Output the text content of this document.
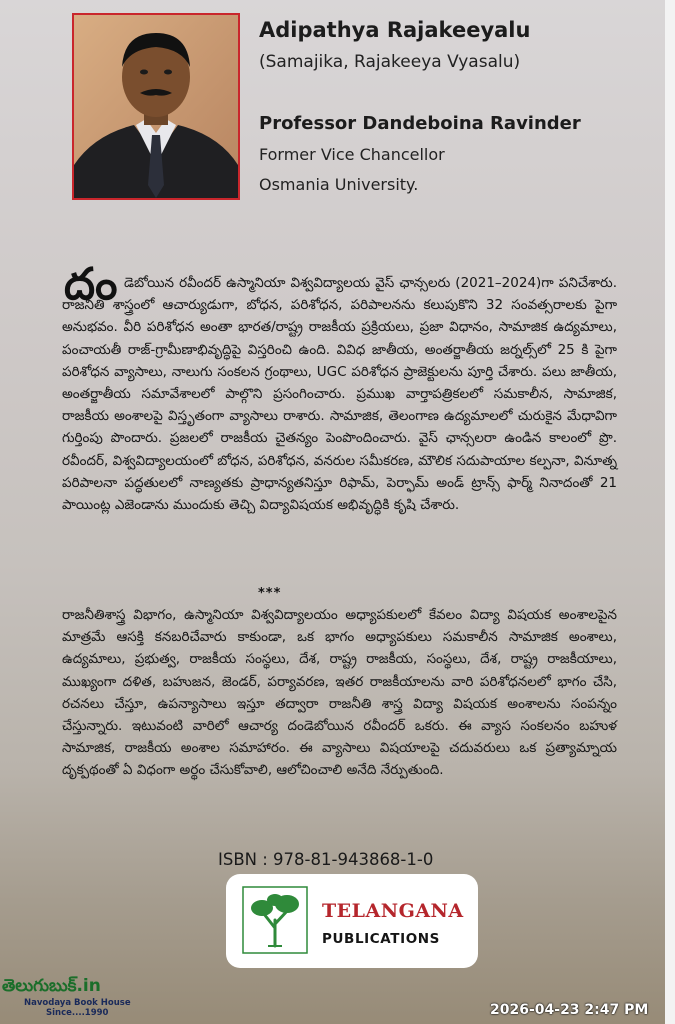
Adipathya Rajakeeyalu
(Samajika, Rajakeeya Vyasalu)
Professor Dandeboina Ravinder
Former Vice Chancellor
Osmania University.
దం డెబోయిన రవీందర్ ఉస్మానియా విశ్వవిద్యాలయ వైస్ ఛాన్సలరు (2021–2024)గా పనిచేశారు. రాజనీతి శాస్త్రంలో ఆచార్యుడుగా, బోధన, పరిశోధన, పరిపాలనను కలుపుకొని 32 సంవత్సరాలకు పైగా అనుభవం. వీరి పరిశోధన అంతా భారత/రాష్ట్ర రాజకీయ ప్రక్రియలు, ప్రజా విధానం, సామాజిక ఉద్యమాలు, పంచాయతీ రాజ్-గ్రామీణాభివృద్ధిపై విస్తరించి ఉంది. వివిధ జాతీయ, అంతర్జాతీయ జర్నల్స్‌లో 25 కి పైగా పరిశోధన వ్యాసాలు, నాలుగు సంకలన గ్రంథాలు, UGC పరిశోధన ప్రాజెక్టులను పూర్తి చేశారు. పలు జాతీయ, అంతర్జాతీయ సమావేశాలలో పాల్గొని ప్రసంగించారు. ప్రముఖ వార్తాపత్రికలలో సమకాలీన, సామాజిక, రాజకీయ అంశాలపై విస్తృతంగా వ్యాసాలు రాశారు. సామాజిక, తెలంగాణ ఉద్యమాలలో చురుకైన మేధావిగా గుర్తింపు పొందారు. ప్రజలలో రాజకీయ చైతన్యం పెంపొందించారు. వైస్ ఛాన్సలరా ఉండిన కాలంలో ప్రొ. రవీందర్, విశ్వవిద్యాలయంలో బోధన, పరిశోధన, వనరుల సమీకరణ, మౌలిక సదుపాయాల కల్పనా, వినూత్న పరిపాలనా పద్ధతులలో నాణ్యతకు ప్రాధాన్యతనిస్తూ రిఫామ్, పెర్ఫామ్ అండ్ ట్రాన్స్ ఫార్మ్ నినాదంతో 21 పాయింట్ల ఎజెండాను ముందుకు తెచ్చి విద్యావిషయక అభివృద్ధికి కృషి చేశారు.
***
రాజనీతిశాస్త్ర విభాగం, ఉస్మానియా విశ్వవిద్యాలయం అధ్యాపకులలో కేవలం విద్యా విషయక అంశాలపైన మాత్రమే ఆసక్తి కనబరిచేవారు కాకుండా, ఒక భాగం అధ్యాపకులు సమకాలీన సామాజిక అంశాలు, ఉద్యమాలు, ప్రభుత్వ, రాజకీయ సంస్థలు, దేశ, రాష్ట్ర రాజకీయ, సంస్థలు, దేశ, రాష్ట్ర రాజకీయాలు, ముఖ్యంగా దళిత, బహుజన, జెండర్, పర్యావరణ, ఇతర రాజకీయాలను వారి పరిశోధనలలో భాగం చేసి, రచనలు చేస్తూ, ఉపన్యాసాలు ఇస్తూ తద్వారా రాజనీతి శాస్త్ర విద్యా విషయక అంశాలను సంపన్నం చేస్తున్నారు. ఇటువంటి వారిలో ఆచార్య దండెబోయిన రవీందర్ ఒకరు. ఈ వ్యాస సంకలనం బహుళ సామాజిక, రాజకీయ అంశాల సమాహారం. ఈ వ్యాసాలు విషయాలపై చదువరులు ఒక ప్రత్యామ్నాయ దృక్పథంతో ఏ విధంగా అర్థం చేసుకోవాలి, ఆలోచించాలి అనేది నేర్పుతుంది.
ISBN : 978-81-943868-1-0
TELANGANA
PUBLICATIONS
తెలుగుబుక్.in
Navodaya Book House
Since....1990	2026-04-23 2:47 PM
